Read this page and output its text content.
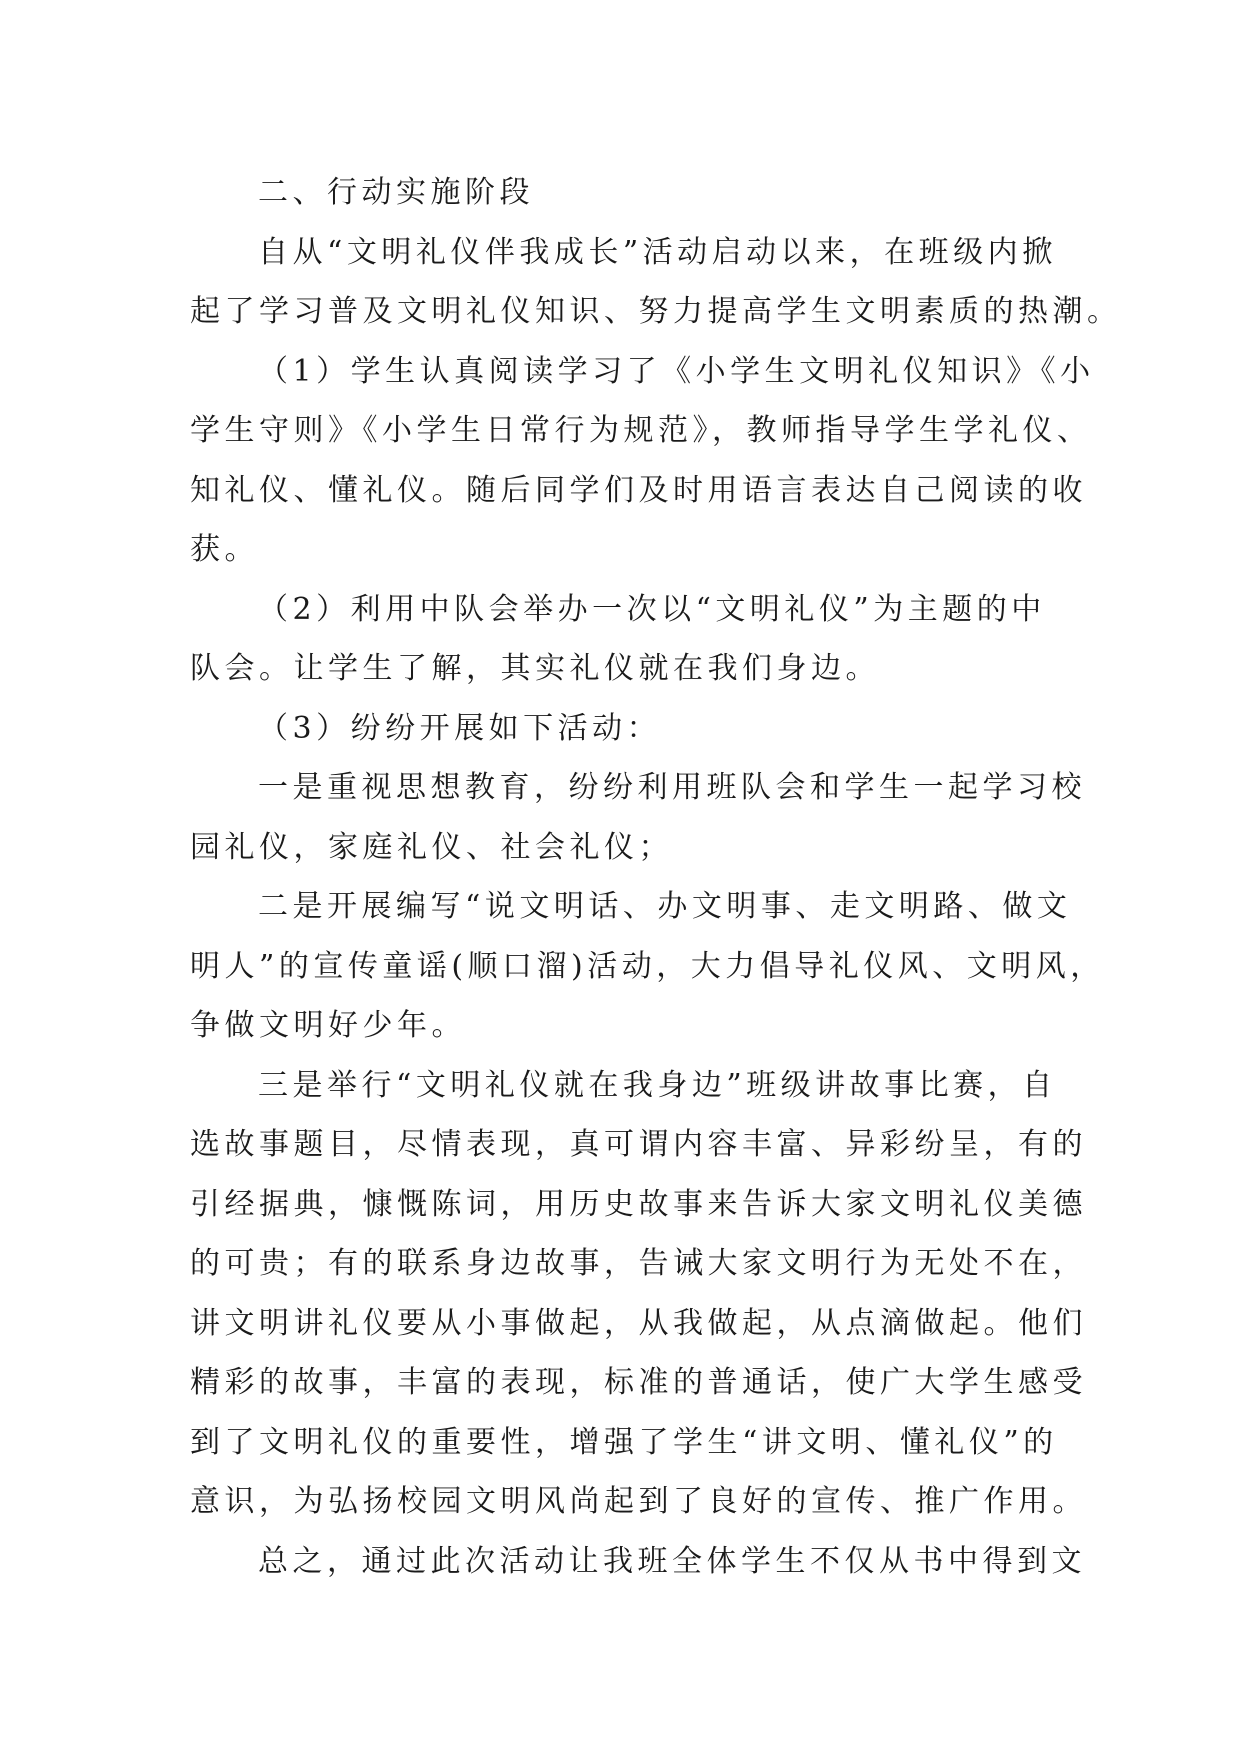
二、行动实施阶段
自从“文明礼仪伴我成长”活动启动以来，在班级内掀
起了学习普及文明礼仪知识、努力提高学生文明素质的热潮。
（1）学生认真阅读学习了《小学生文明礼仪知识》《小
学生守则》《小学生日常行为规范》，教师指导学生学礼仪、
知礼仪、懂礼仪。随后同学们及时用语言表达自己阅读的收
获。
（2）利用中队会举办一次以“文明礼仪”为主题的中
队会。让学生了解，其实礼仪就在我们身边。
（3）纷纷开展如下活动：
一是重视思想教育，纷纷利用班队会和学生一起学习校
园礼仪，家庭礼仪、社会礼仪；
二是开展编写“说文明话、办文明事、走文明路、做文
明人”的宣传童谣(顺口溜)活动，大力倡导礼仪风、文明风，
争做文明好少年。
三是举行“文明礼仪就在我身边”班级讲故事比赛，自
选故事题目，尽情表现，真可谓内容丰富、异彩纷呈，有的
引经据典，慷慨陈词，用历史故事来告诉大家文明礼仪美德
的可贵；有的联系身边故事，告诫大家文明行为无处不在，
讲文明讲礼仪要从小事做起，从我做起，从点滴做起。他们
精彩的故事，丰富的表现，标准的普通话，使广大学生感受
到了文明礼仪的重要性，增强了学生“讲文明、懂礼仪”的
意识，为弘扬校园文明风尚起到了良好的宣传、推广作用。
总之，通过此次活动让我班全体学生不仅从书中得到文
